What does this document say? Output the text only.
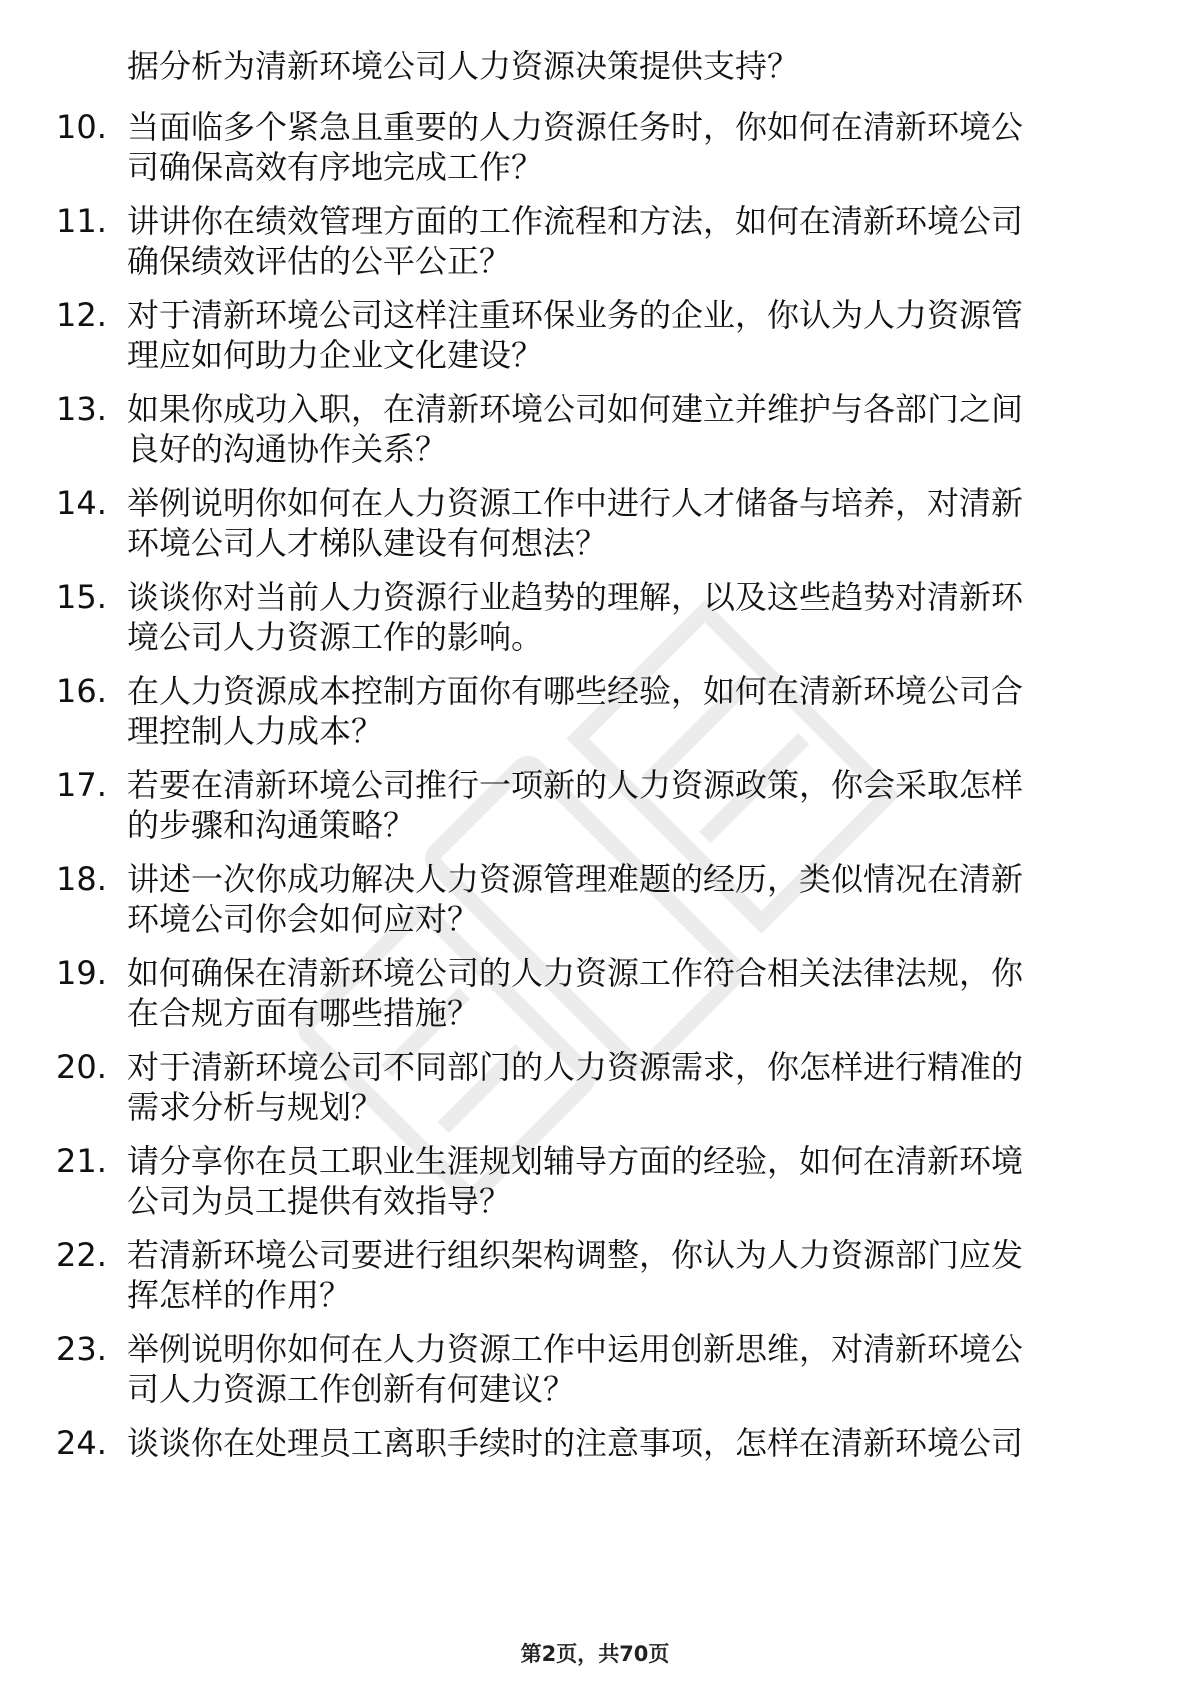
据分析为清新环境公司人力资源决策提供支持？
10. 当面临多个紧急且重要的人力资源任务时，你如何在清新环境公
司确保高效有序地完成工作？
11. 讲讲你在绩效管理方面的工作流程和方法，如何在清新环境公司
确保绩效评估的公平公正？
12. 对于清新环境公司这样注重环保业务的企业，你认为人力资源管
理应如何助力企业文化建设？
13. 如果你成功入职，在清新环境公司如何建立并维护与各部门之间
良好的沟通协作关系？
14. 举例说明你如何在人力资源工作中进行人才储备与培养，对清新
环境公司人才梯队建设有何想法？
15. 谈谈你对当前人力资源行业趋势的理解，以及这些趋势对清新环
境公司人力资源工作的影响。
16. 在人力资源成本控制方面你有哪些经验，如何在清新环境公司合
理控制人力成本？
17. 若要在清新环境公司推行一项新的人力资源政策，你会采取怎样
的步骤和沟通策略？
18. 讲述一次你成功解决人力资源管理难题的经历，类似情况在清新
环境公司你会如何应对？
19. 如何确保在清新环境公司的人力资源工作符合相关法律法规，你
在合规方面有哪些措施？
20. 对于清新环境公司不同部门的人力资源需求，你怎样进行精准的
需求分析与规划？
21. 请分享你在员工职业生涯规划辅导方面的经验，如何在清新环境
公司为员工提供有效指导？
22. 若清新环境公司要进行组织架构调整，你认为人力资源部门应发
挥怎样的作用？
23. 举例说明你如何在人力资源工作中运用创新思维，对清新环境公
司人力资源工作创新有何建议？
24. 谈谈你在处理员工离职手续时的注意事项，怎样在清新环境公司
第2页，共70页
